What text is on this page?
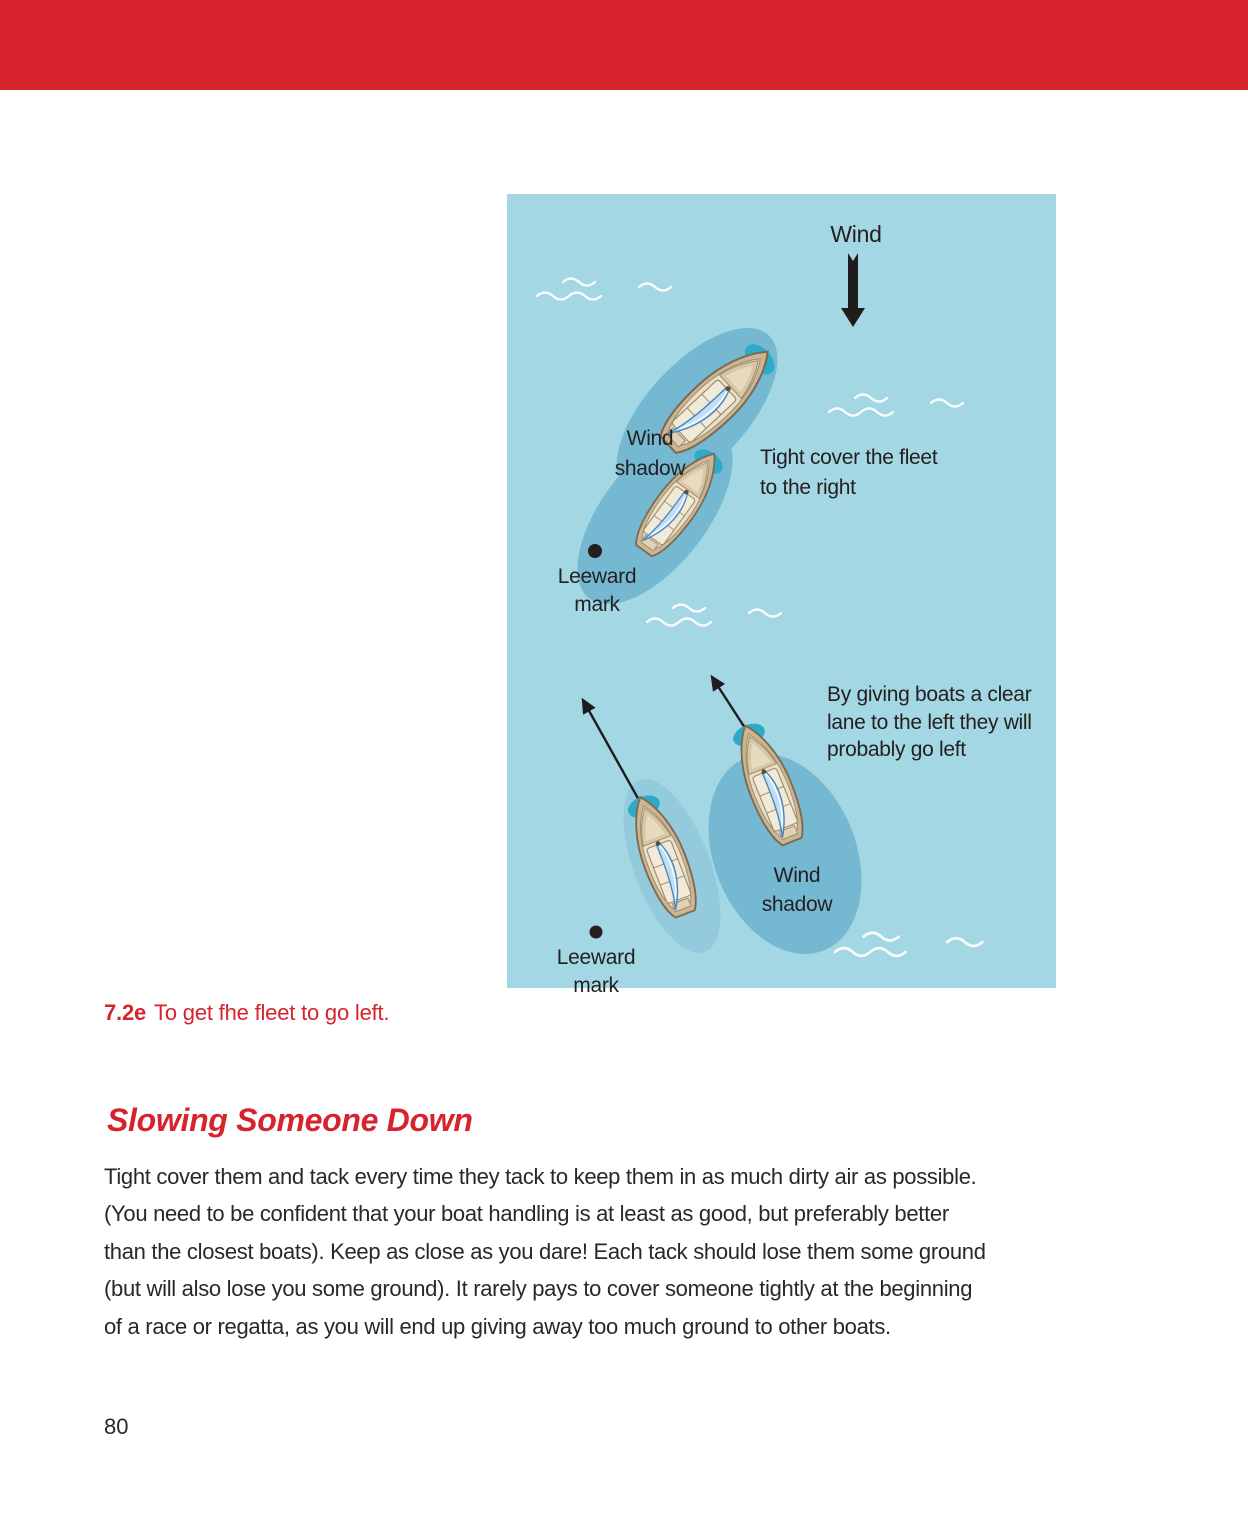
Wind
Wind
shadow	Tight cover the fleet
to the right
Leeward
mark
By giving boats a clear
lane to the left they will
probably go left
Wind
shadow
Leeward
mark
7.2e To get fhe fleet to go left.
Slowing Someone Down
Tight cover them and tack every time they tack to keep them in as much dirty air as possible.
(You need to be confident that your boat handling is at least as good, but preferably better
than the closest boats). Keep as close as you dare! Each tack should lose them some ground
(but will also lose you some ground). It rarely pays to cover someone tightly at the beginning
of a race or regatta, as you will end up giving away too much ground to other boats.
80
